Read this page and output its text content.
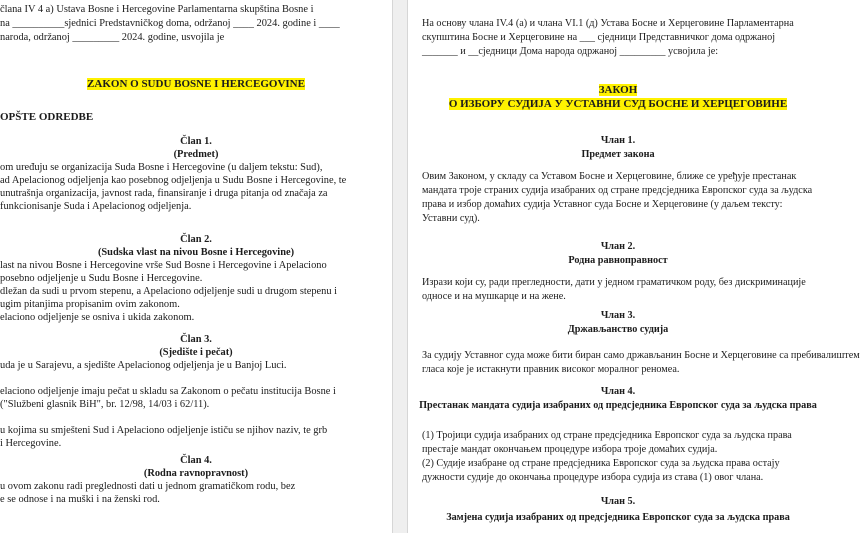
člana IV 4 a) Ustava Bosne i Hercegovine Parlamentarna skupština Bosne i
na __________sjednici Predstavničkog doma, održanoj ____ 2024. godine i ____
naroda, održanoj _________ 2024. godine, usvojila je
ZAKON O SUDU BOSNE I HERCEGOVINE
OPŠTE ODREDBE
Član 1.
(Predmet)
om uređuju se organizacija Suda Bosne i Hercegovine (u daljem tekstu: Sud),
ad Apelacionog odjeljenja kao posebnog odjeljenja u Sudu Bosne i Hercegovine, te
unutrašnja organizacija, javnost rada, finansiranje i druga pitanja od značaja za
funkcionisanje Suda i Apelacionog odjeljenja.
Član 2.
(Sudska vlast na nivou Bosne i Hercegovine)
last na nivou Bosne i Hercegovine vrše Sud Bosne i Hercegovine i Apelaciono
posebno odjeljenje u Sudu Bosne i Hercegovine.
dležan da sudi u prvom stepenu, a Apelaciono odjeljenje sudi u drugom stepenu i
ugim pitanjima propisanim ovim zakonom.
elaciono odjeljenje se osniva i ukida zakonom.
Član 3.
(Sjedište i pečat)
uda je u Sarajevu, a sjedište Apelacionog odjeljenja je u Banjoj Luci.
elaciono odjeljenje imaju pečat u skladu sa Zakonom o pečatu institucija Bosne i
("Službeni glasnik BiH", br. 12/98, 14/03 i 62/11).
u kojima su smješteni Sud i Apelaciono odjeljenje ističu se njihov naziv, te grb
i Hercegovine.
Član 4.
(Rodna ravnopravnost)
u ovom zakonu radi preglednosti dati u jednom gramatičkom rodu, bez
e se odnose i na muški i na ženski rod.
На основу члана IV.4 (а) и члана VI.1 (д) Устава Босне и Херцеговине Парламентарна
скупштина Босне и Херцеговине на ___ сједници Представничког дома одржаној
_______ и __сједници Дома народа одржаној _________ усвојила је:
ЗАКОН
О ИЗБОРУ СУДИЈА У УСТАВНИ СУД БОСНЕ И ХЕРЦЕГОВИНЕ
Члан 1.
Предмет закона
Овим Законом, у складу са Уставом Босне и Херцеговине, ближе се уређује престанак
мандата троје страних судија изабраних од стране предсједника Европског суда за људска
права и избор домаћих судија Уставног суда Босне и Херцеговине (у даљем тексту:
Уставни суд).
Члан 2.
Родна равноправност
Изрази који су, ради прегледности, дати у једном граматичком роду, без дискриминације
односе и на мушкарце и на жене.
Члан 3.
Држављанство судија
За судију Уставног суда може бити биран само држављанин Босне и Херцеговине са пребивалиштем
гласа које је истакнути правник високог моралног реномеа.
Члан 4.
Престанак мандата судија изабраних од предсједника Европског суда за људска права
(1) Тројици судија изабраних од стране предсједника Европског суда за људска права
престаје мандат окончањем процедуре избора троје домаћих судија.
(2) Судије изабране од стране предсједника Европског суда за људска права остају
дужности судије до окончања процедуре избора судија из става (1) овог члана.
Члан 5.
Замјена судија изабраних од предсједника Европског суда за људска права
